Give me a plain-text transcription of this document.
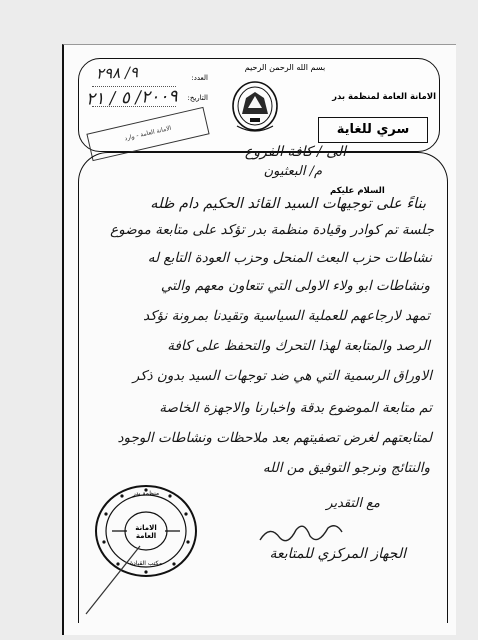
بسم الله الرحمن الرحيم
الامانة العامة لمنظمة بدر
سري للغاية
العدد:
٩/ ٢٩٨
التاريخ:
٢٠٠٩/ ٥ / ٢١
الامانة العامة - وارد
الى / كافة الفروع
م/ البعثيون
السلام عليكم
بناءً على توجيهات السيد القائد الحكيم دام ظله
جلسة تم كوادر وقيادة منظمة بدر تؤكد على متابعة موضوع
نشاطات حزب البعث المنحل وحزب العودة التابع له
ونشاطات ابو ولاء الاولى التي تتعاون معهم والتي
تمهد لارجاعهم للعملية السياسية وتقيدنا بمرونة نؤكد
الرصد والمتابعة لهذا التحرك والتحفظ على كافة
الاوراق الرسمية التي هي ضد توجهات السيد بدون ذكر
تم متابعة الموضوع بدقة واخبارنا والاجهزة الخاصة
لمتابعتهم لغرض تصفيتهم بعد ملاحظات ونشاطات الوجود
والنتائج ونرجو التوفيق من الله
مع التقدير
الجهاز المركزي للمتابعة
منظمة بدر
الامانة العامة
مكتب القيادة
